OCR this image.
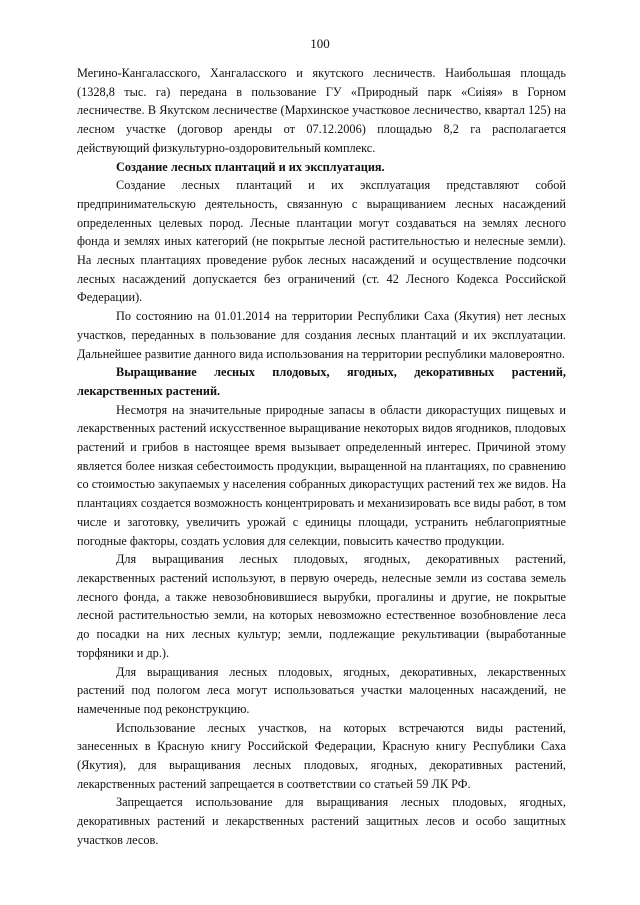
100

Мегино-Кангаласского, Хангаласского и якутского лесничеств. Наибольшая площадь (1328,8 тыс. га) передана в пользование ГУ «Природный парк «Сиіяя» в Горном лесничестве. В Якутском лесничестве (Мархинское участковое лесничество, квартал 125) на лесном участке (договор аренды от 07.12.2006) площадью 8,2 га располагается действующий физкультурно-оздоровительный комплекс.

Создание лесных плантаций и их эксплуатация.

Создание лесных плантаций и их эксплуатация представляют собой предпринимательскую деятельность, связанную с выращиванием лесных насаждений определенных целевых пород. Лесные плантации могут создаваться на землях лесного фонда и землях иных категорий (не покрытые лесной растительностью и нелесные земли). На лесных плантациях проведение рубок лесных насаждений и осуществление подсочки лесных насаждений допускается без ограничений (ст. 42 Лесного Кодекса Российской Федерации).

По состоянию на 01.01.2014 на территории Республики Саха (Якутия) нет лесных участков, переданных в пользование для создания лесных плантаций и их эксплуатации. Дальнейшее развитие данного вида использования на территории республики маловероятно.

Выращивание лесных плодовых, ягодных, декоративных растений, лекарственных растений.

Несмотря на значительные природные запасы в области дикорастущих пищевых и лекарственных растений искусственное выращивание некоторых видов ягодников, плодовых растений и грибов в настоящее время вызывает определенный интерес. Причиной этому является более низкая себестоимость продукции, выращенной на плантациях, по сравнению со стоимостью закупаемых у населения собранных дикорастущих растений тех же видов. На плантациях создается возможность концентрировать и механизировать все виды работ, в том числе и заготовку, увеличить урожай с единицы площади, устранить неблагоприятные погодные факторы, создать условия для селекции, повысить качество продукции.

Для выращивания лесных плодовых, ягодных, декоративных растений, лекарственных растений используют, в первую очередь, нелесные земли из состава земель лесного фонда, а также невозобновившиеся вырубки, прогалины и другие, не покрытые лесной растительностью земли, на которых невозможно естественное возобновление леса до посадки на них лесных культур; земли, подлежащие рекультивации (выработанные торфяники и др.).

Для выращивания лесных плодовых, ягодных, декоративных, лекарственных растений под пологом леса могут использоваться участки малоценных насаждений, не намеченные под реконструкцию.

Использование лесных участков, на которых встречаются виды растений, занесенных в Красную книгу Российской Федерации, Красную книгу Республики Саха (Якутия), для выращивания лесных плодовых, ягодных, декоративных растений, лекарственных растений запрещается в соответствии со статьей 59 ЛК РФ.

Запрещается использование для выращивания лесных плодовых, ягодных, декоративных растений и лекарственных растений защитных лесов и особо защитных участков лесов.
